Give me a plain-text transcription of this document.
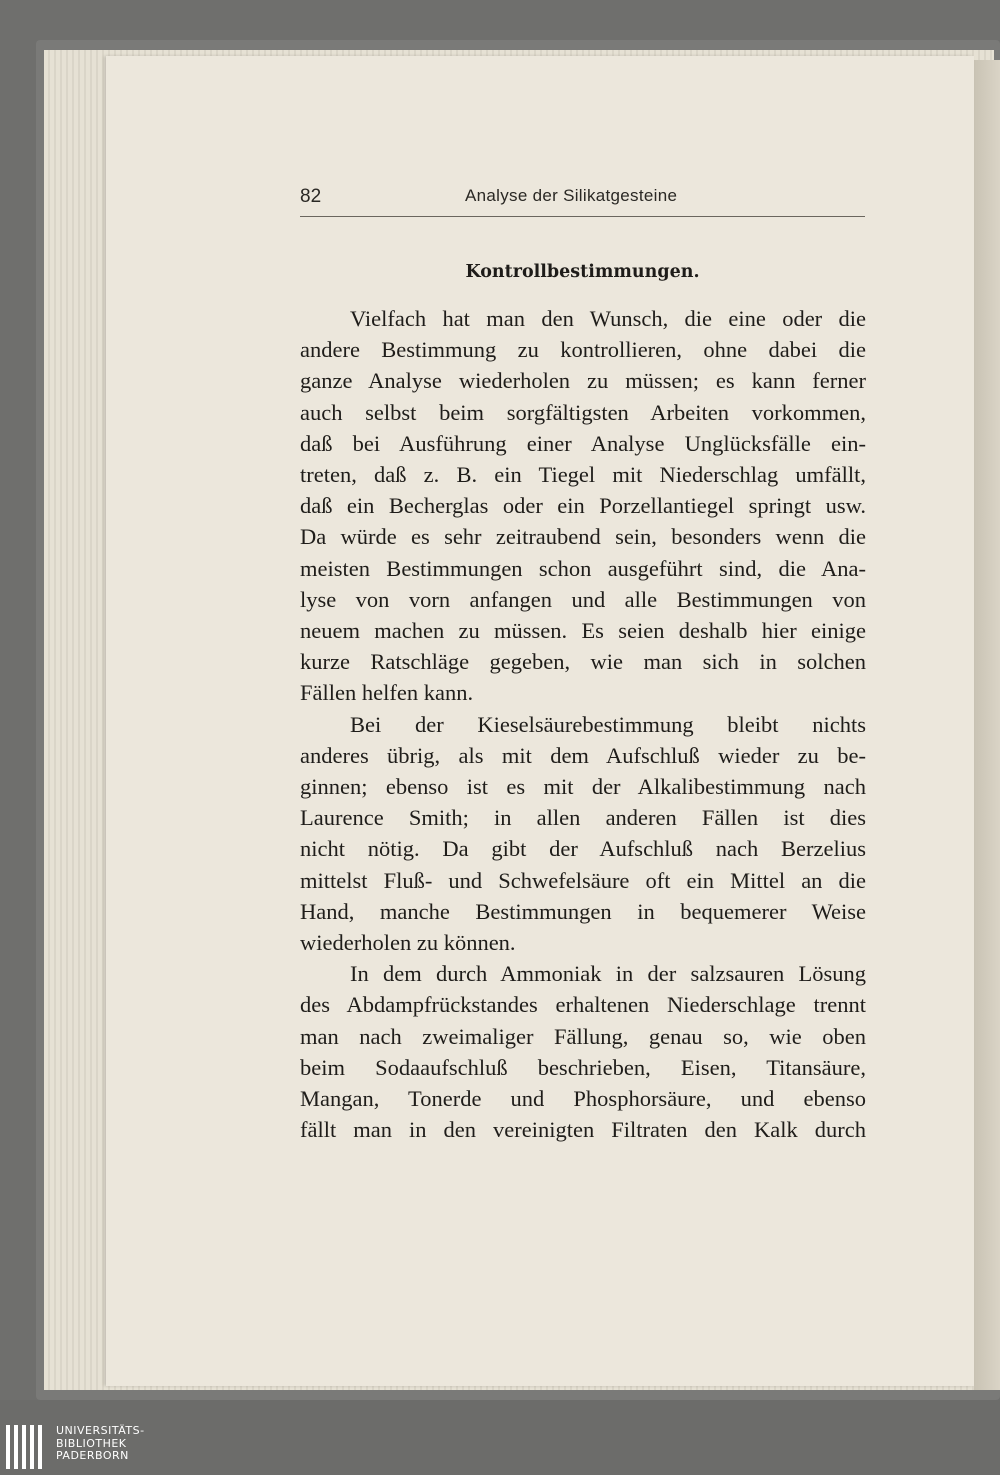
82	Analyse der Silikatgesteine
Kontrollbestimmungen.
Vielfach hat man den Wunsch, die eine oder die
andere Bestimmung zu kontrollieren, ohne dabei die
ganze Analyse wiederholen zu müssen; es kann ferner
auch selbst beim sorgfältigsten Arbeiten vorkommen,
daß bei Ausführung einer Analyse Unglücksfälle ein-
treten, daß z. B. ein Tiegel mit Niederschlag umfällt,
daß ein Becherglas oder ein Porzellantiegel springt usw.
Da würde es sehr zeitraubend sein, besonders wenn die
meisten Bestimmungen schon ausgeführt sind, die Ana-
lyse von vorn anfangen und alle Bestimmungen von
neuem machen zu müssen. Es seien deshalb hier einige
kurze Ratschläge gegeben, wie man sich in solchen
Fällen helfen kann.
Bei der Kieselsäurebestimmung bleibt nichts
anderes übrig, als mit dem Aufschluß wieder zu be-
ginnen; ebenso ist es mit der Alkalibestimmung nach
Laurence Smith; in allen anderen Fällen ist dies
nicht nötig. Da gibt der Aufschluß nach Berzelius
mittelst Fluß- und Schwefelsäure oft ein Mittel an die
Hand, manche Bestimmungen in bequemerer Weise
wiederholen zu können.
In dem durch Ammoniak in der salzsauren Lösung
des Abdampfrückstandes erhaltenen Niederschlage trennt
man nach zweimaliger Fällung, genau so, wie oben
beim Sodaaufschluß beschrieben, Eisen, Titansäure,
Mangan, Tonerde und Phosphorsäure, und ebenso
fällt man in den vereinigten Filtraten den Kalk durch
UNIVERSITÄTS-
BIBLIOTHEK
PADERBORN
